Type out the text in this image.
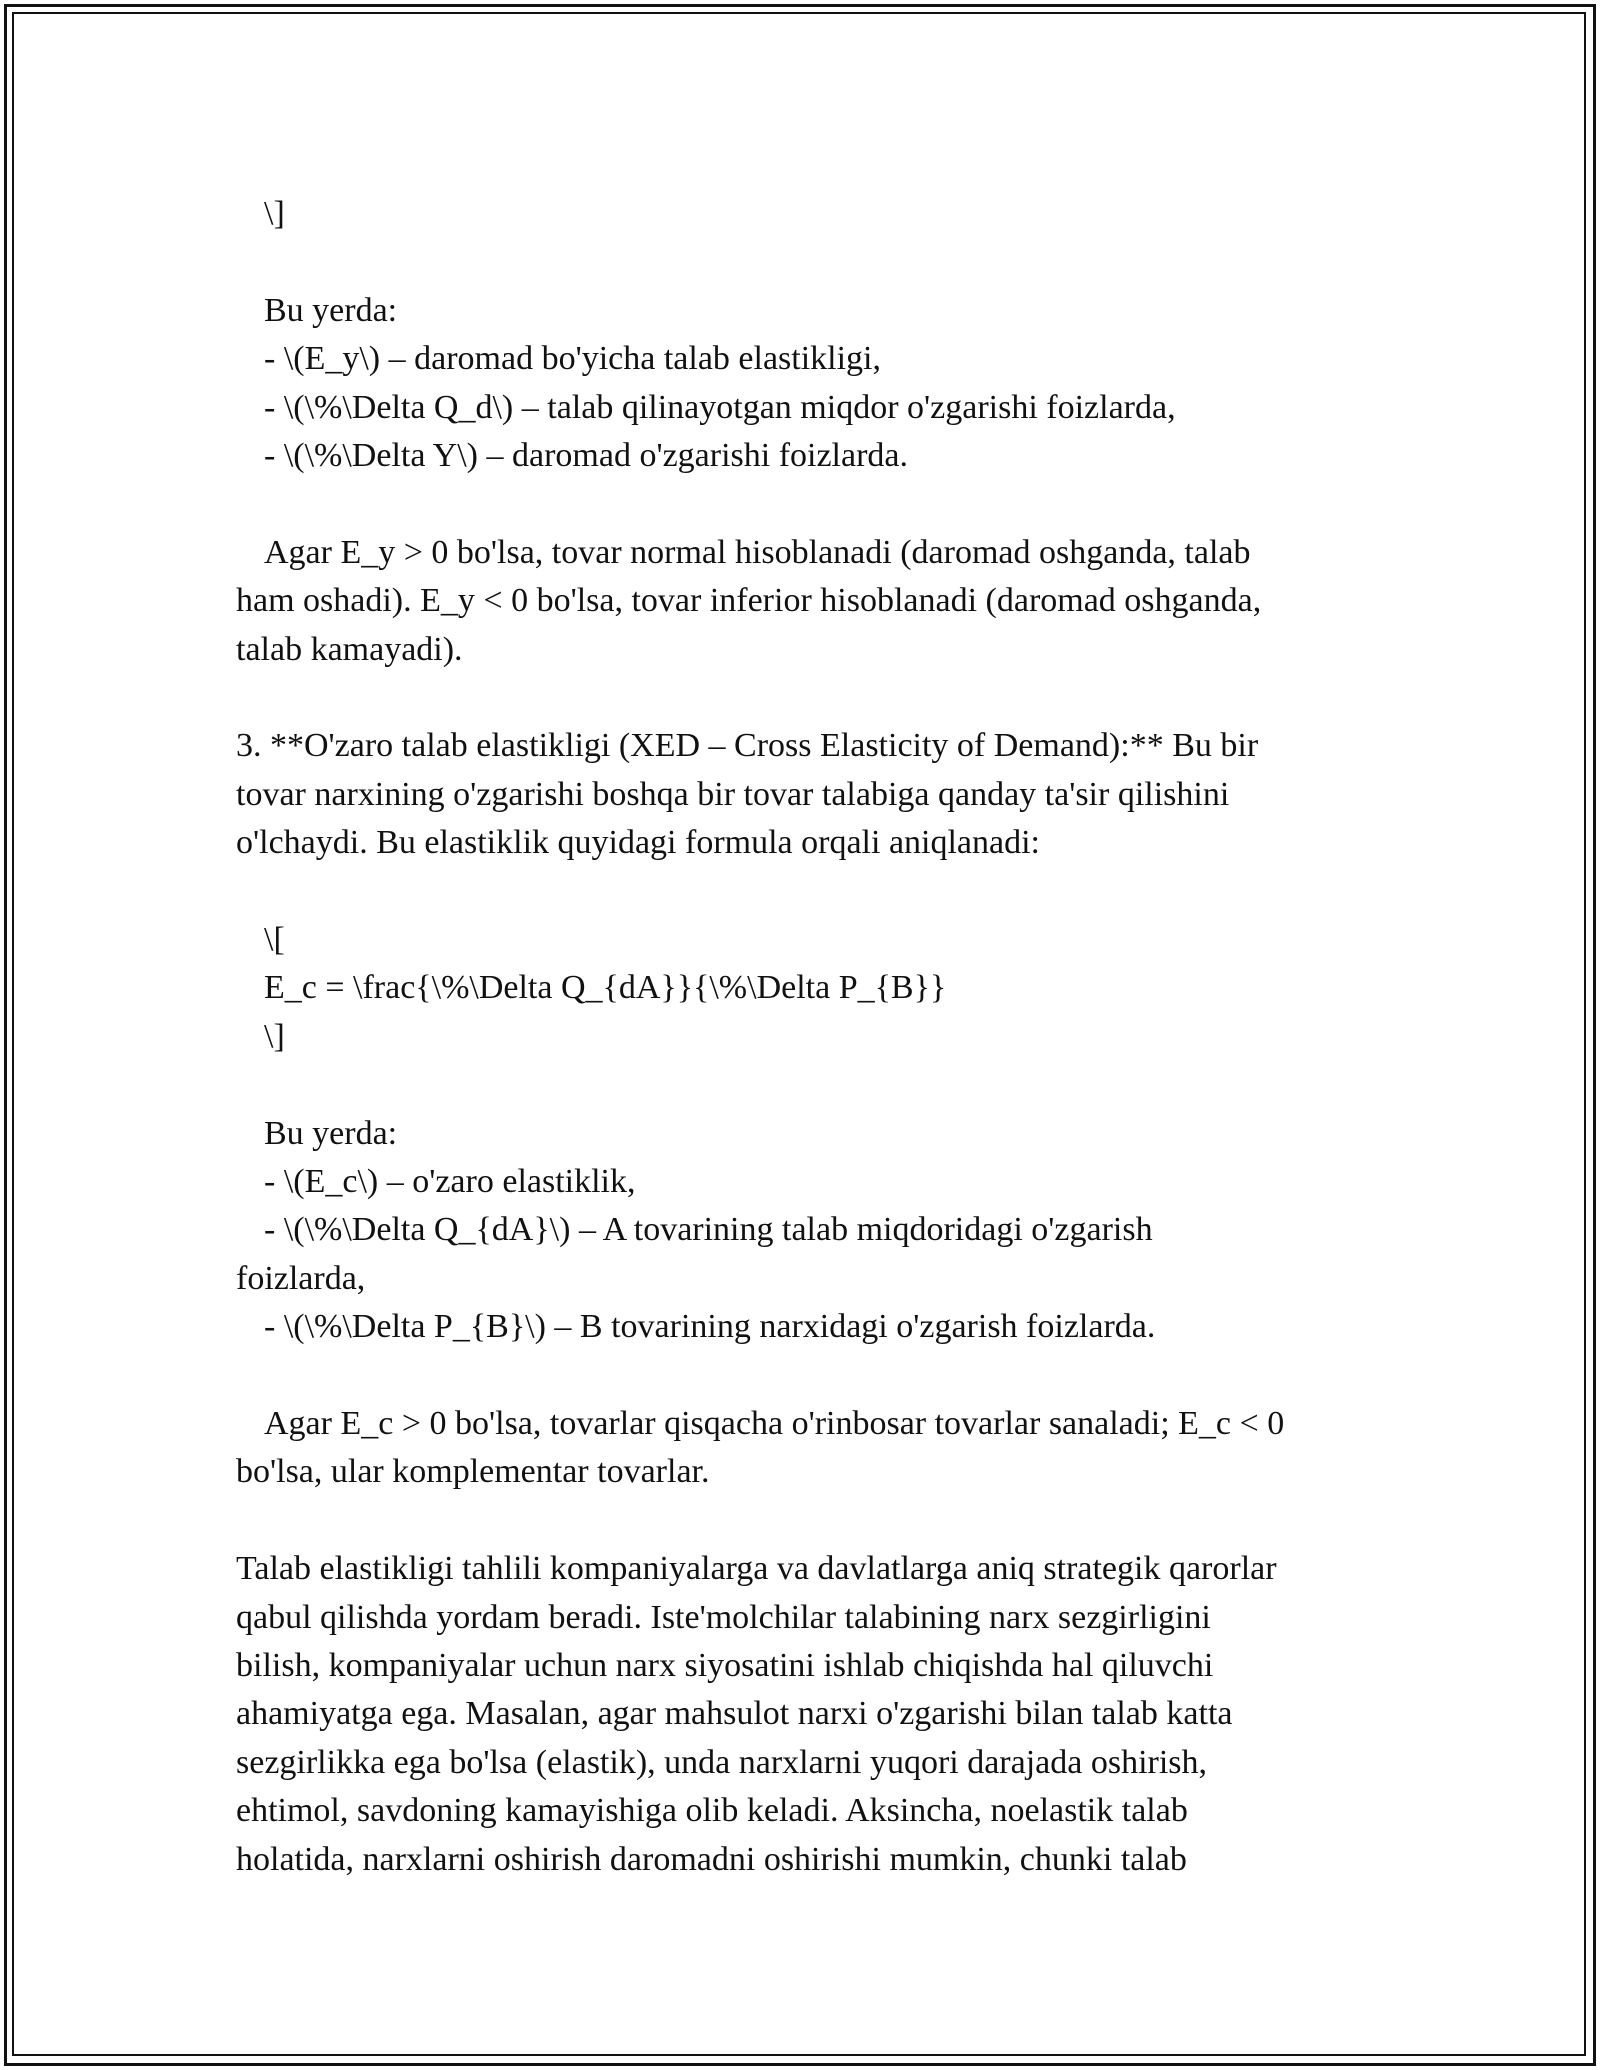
\]

Bu yerda:

- \(E_y\) – daromad bo'yicha talab elastikligi,

- \(\%\Delta Q_d\) – talab qilinayotgan miqdor o'zgarishi foizlarda,

- \(\%\Delta Y\) – daromad o'zgarishi foizlarda.

Agar E_y > 0 bo'lsa, tovar normal hisoblanadi (daromad oshganda, talab

ham oshadi). E_y < 0 bo'lsa, tovar inferior hisoblanadi (daromad oshganda,

talab kamayadi).

3. **O'zaro talab elastikligi (XED – Cross Elasticity of Demand):** Bu bir

tovar narxining o'zgarishi boshqa bir tovar talabiga qanday ta'sir qilishini

o'lchaydi. Bu elastiklik quyidagi formula orqali aniqlanadi:

\[

E_c = \frac{\%\Delta Q_{dA}}{\%\Delta P_{B}}

\]

Bu yerda:

- \(E_c\) – o'zaro elastiklik,

- \(\%\Delta Q_{dA}\) – A tovarining talab miqdoridagi o'zgarish

foizlarda,

- \(\%\Delta P_{B}\) – B tovarining narxidagi o'zgarish foizlarda.

Agar E_c > 0 bo'lsa, tovarlar qisqacha o'rinbosar tovarlar sanaladi; E_c < 0

bo'lsa, ular komplementar tovarlar.

Talab elastikligi tahlili kompaniyalarga va davlatlarga aniq strategik qarorlar

qabul qilishda yordam beradi. Iste'molchilar talabining narx sezgirligini

bilish, kompaniyalar uchun narx siyosatini ishlab chiqishda hal qiluvchi

ahamiyatga ega. Masalan, agar mahsulot narxi o'zgarishi bilan talab katta

sezgirlikka ega bo'lsa (elastik), unda narxlarni yuqori darajada oshirish,

ehtimol, savdoning kamayishiga olib keladi. Aksincha, noelastik talab

holatida, narxlarni oshirish daromadni oshirishi mumkin, chunki talab
